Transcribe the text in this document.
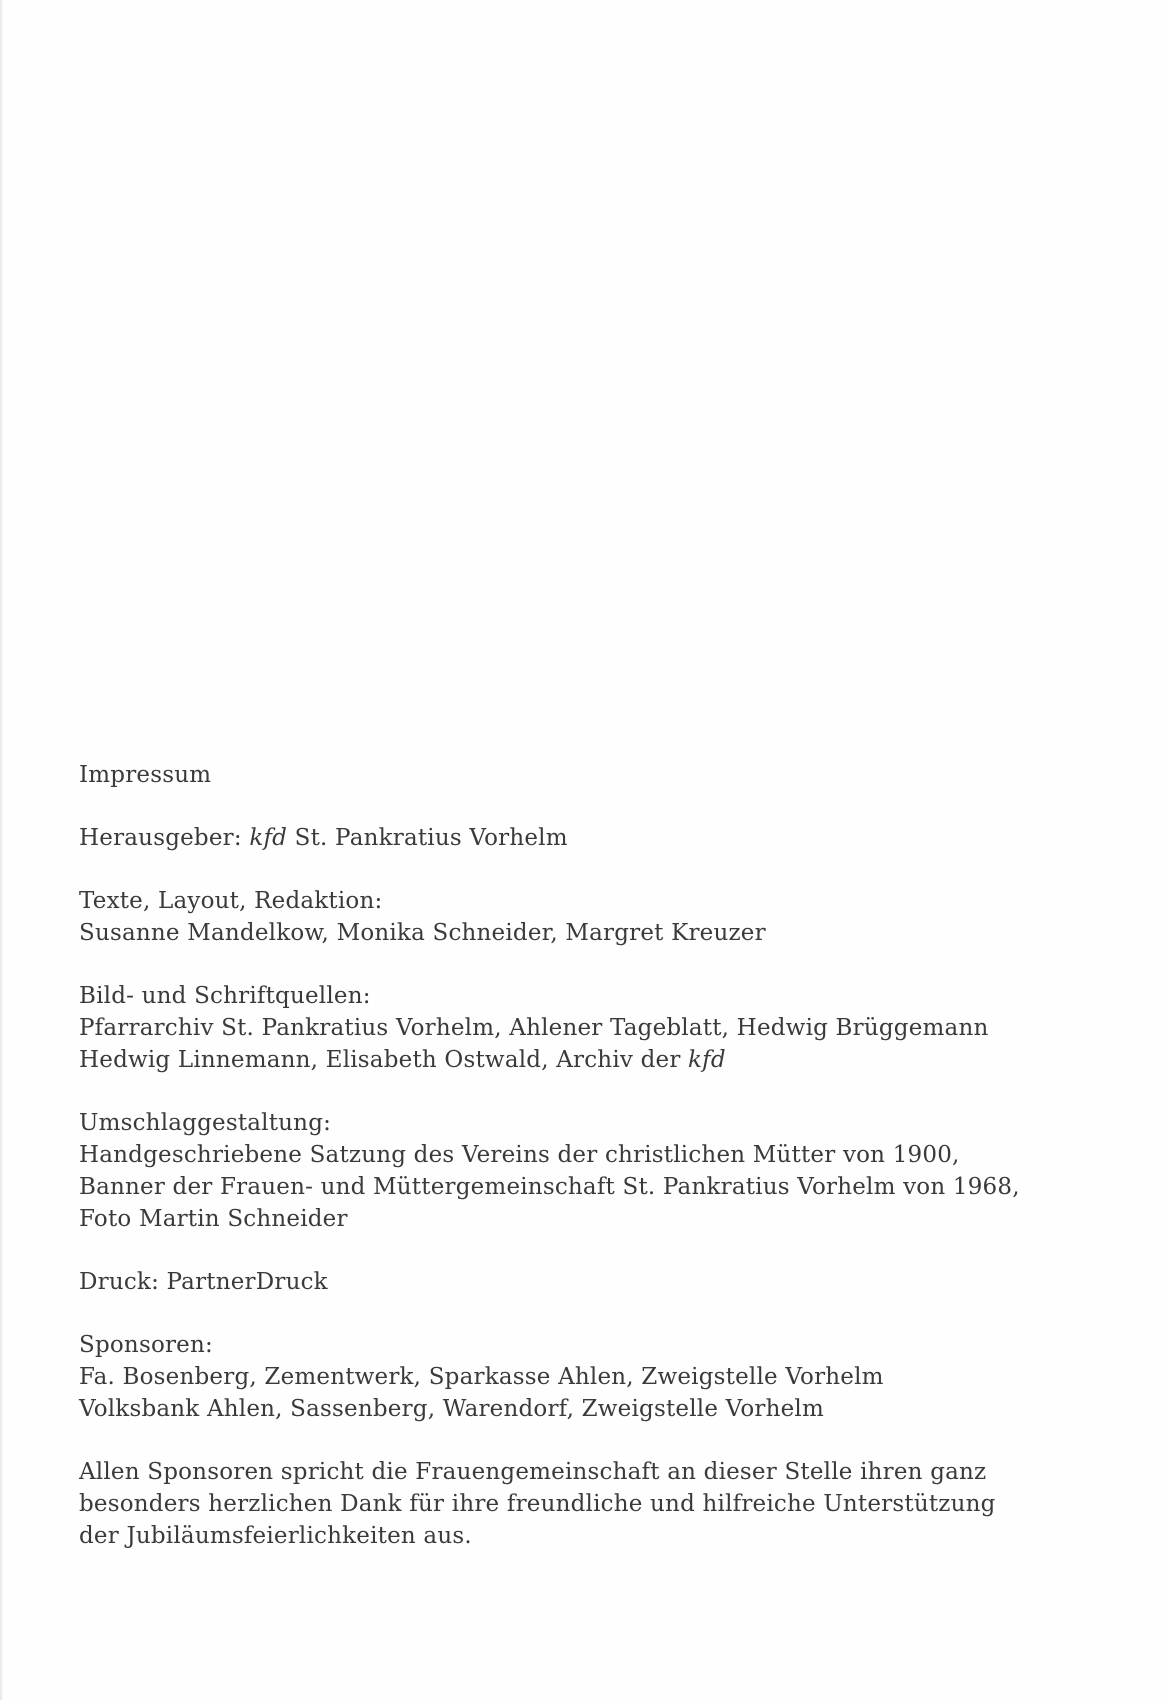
Impressum
Herausgeber: kfd St. Pankratius Vorhelm
Texte, Layout, Redaktion:
Susanne Mandelkow, Monika Schneider, Margret Kreuzer
Bild- und Schriftquellen:
Pfarrarchiv St. Pankratius Vorhelm, Ahlener Tageblatt, Hedwig Brüggemann
Hedwig Linnemann, Elisabeth Ostwald, Archiv der kfd
Umschlaggestaltung:
Handgeschriebene Satzung des Vereins der christlichen Mütter von 1900,
Banner der Frauen- und Müttergemeinschaft St. Pankratius Vorhelm von 1968,
Foto Martin Schneider
Druck: PartnerDruck
Sponsoren:
Fa. Bosenberg, Zementwerk, Sparkasse Ahlen, Zweigstelle Vorhelm
Volksbank Ahlen, Sassenberg, Warendorf, Zweigstelle Vorhelm
Allen Sponsoren spricht die Frauengemeinschaft an dieser Stelle ihren ganz
besonders herzlichen Dank für ihre freundliche und hilfreiche Unterstützung
der Jubiläumsfeierlichkeiten aus.
